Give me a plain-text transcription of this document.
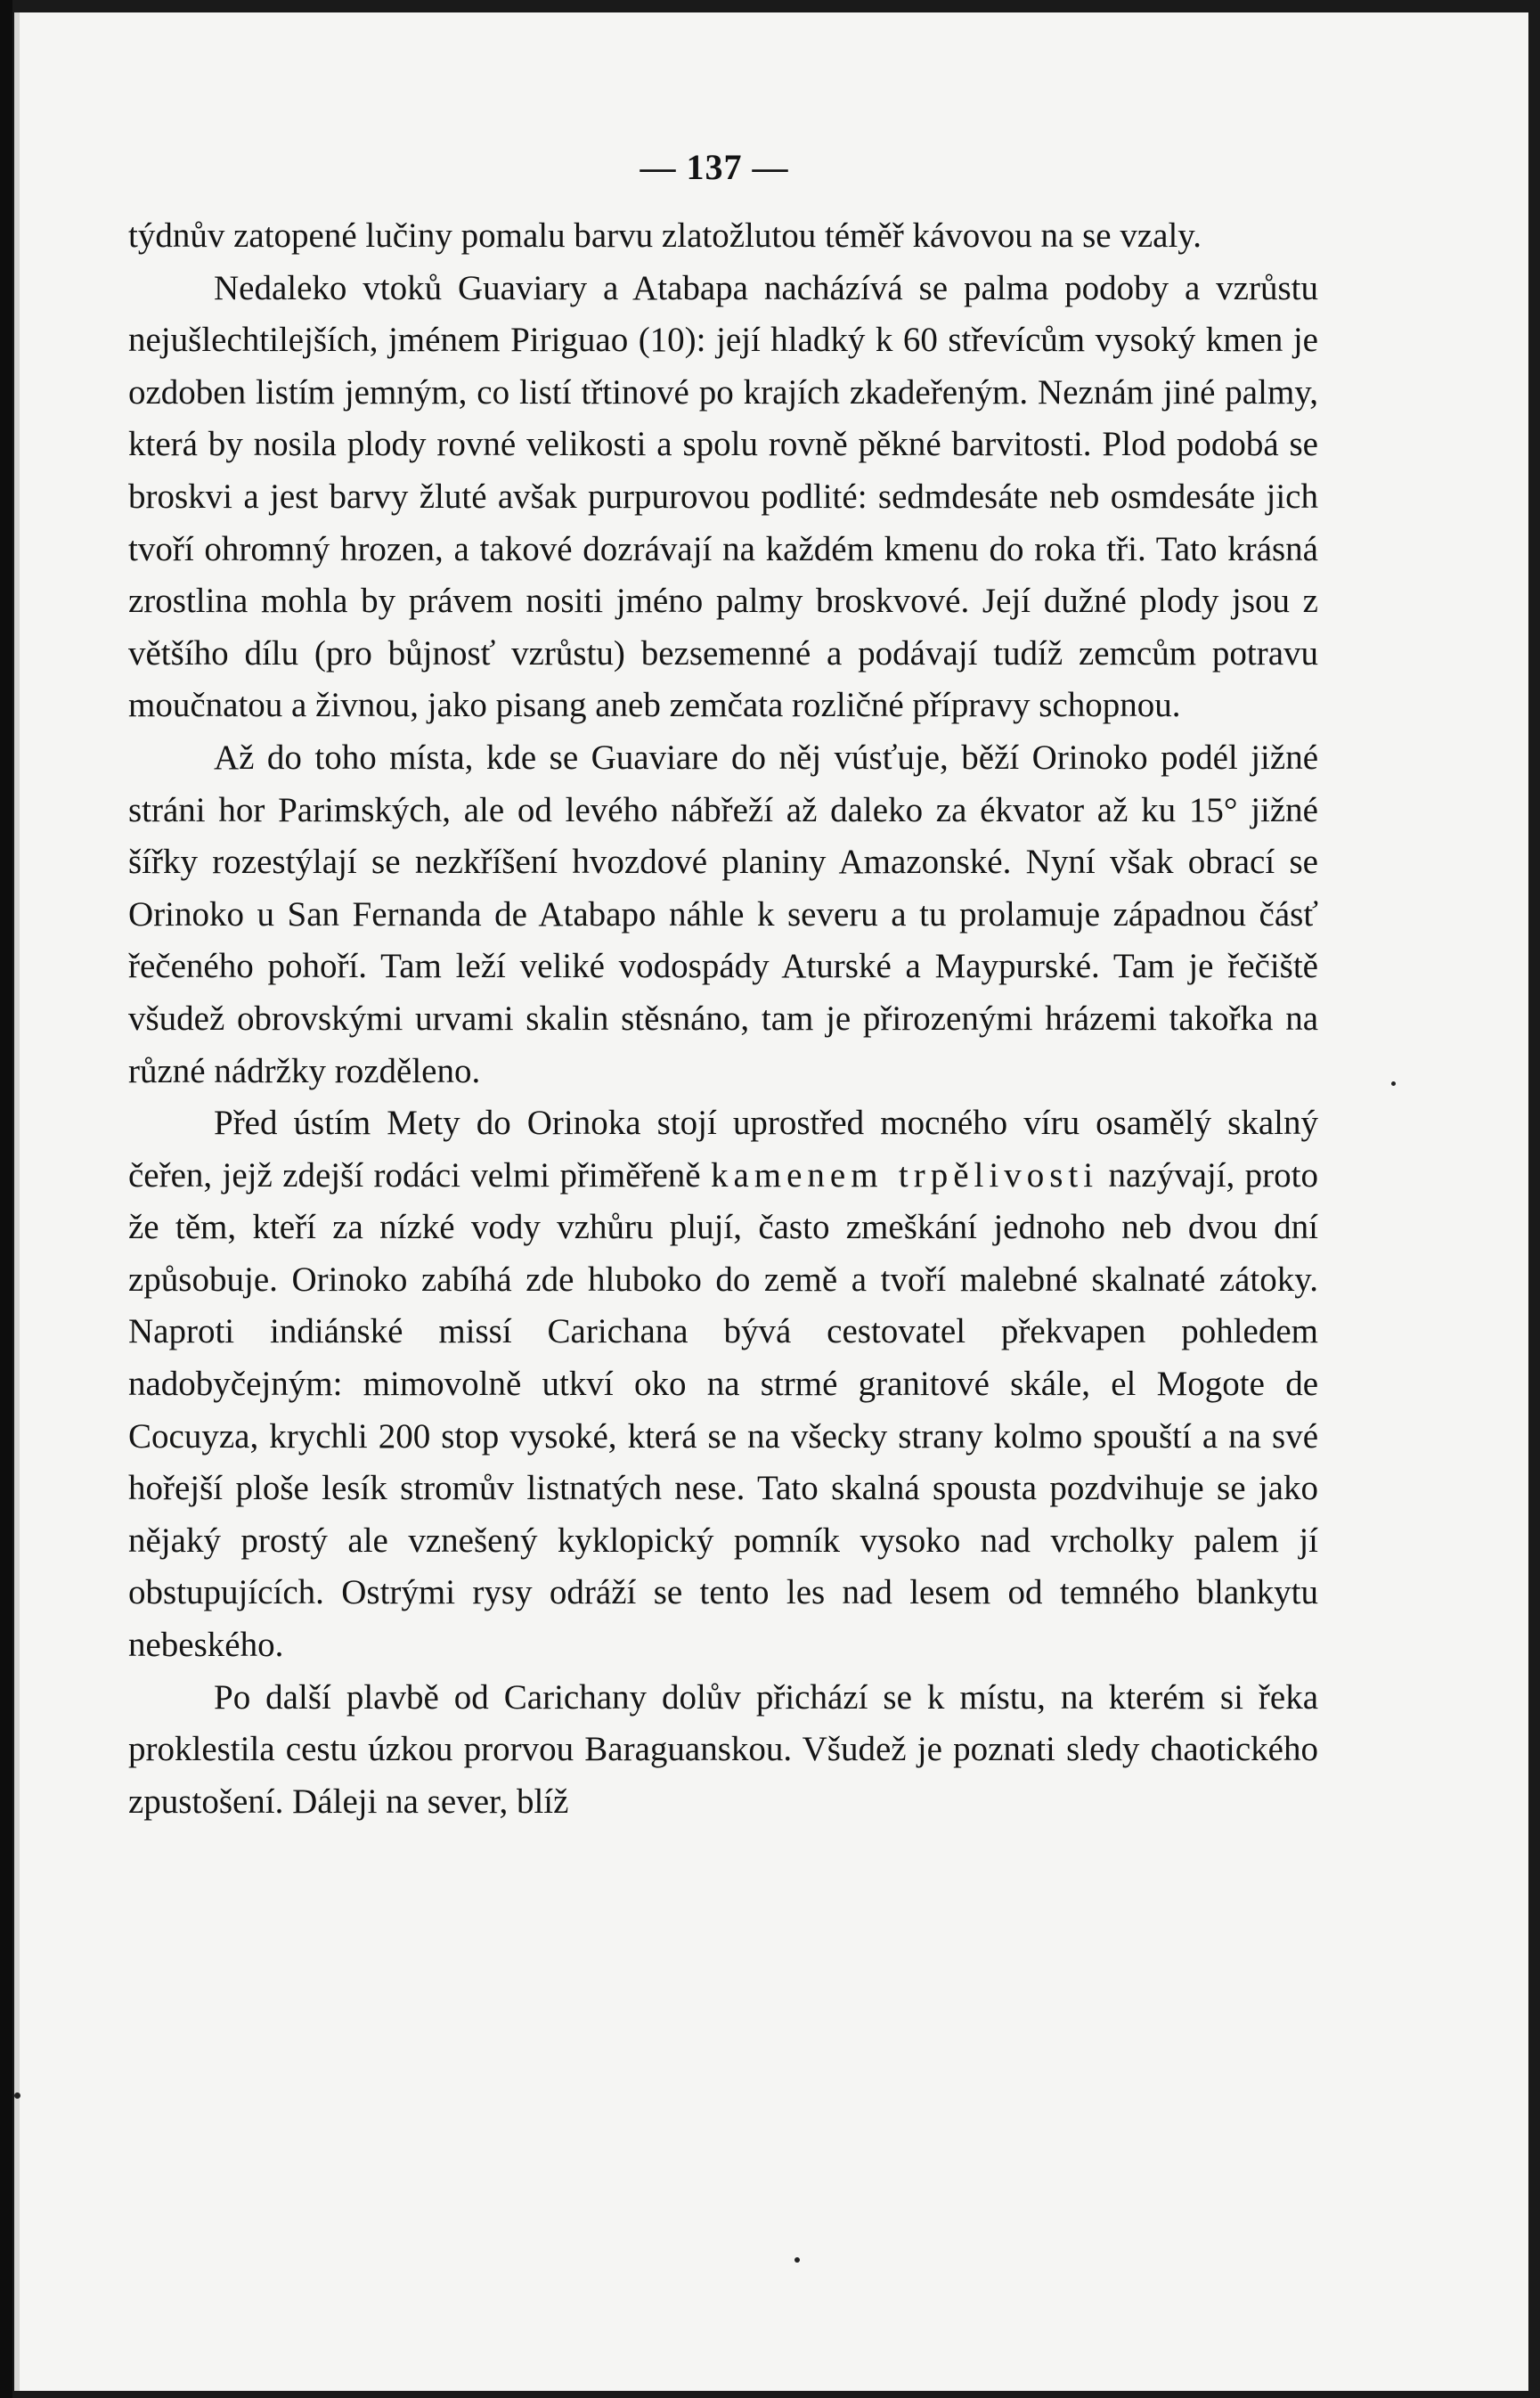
— 137 —

týdnův zatopené lučiny pomalu barvu zlatožlutou téměř kávovou na se vzaly.

Nedaleko vtoků Guaviary a Atabapa nacházívá se palma podoby a vzrůstu nejušlechtilejších, jménem Piriguao (10): její hladký k 60 střevícům vysoký kmen je ozdoben listím jemným, co listí třtinové po krajích zkadeřeným. Neznám jiné palmy, která by nosila plody rovné velikosti a spolu rovně pěkné barvitosti. Plod podobá se broskvi a jest barvy žluté avšak purpurovou podlité: sedmdesáte neb osmdesáte jich tvoří ohromný hrozen, a takové dozrávají na každém kmenu do roka tři. Tato krásná zrostlina mohla by právem nositi jméno palmy broskvové. Její dužné plody jsou z většího dílu (pro bůjnosť vzrůstu) bezsemenné a podávají tudíž zemcům potravu moučnatou a živnou, jako pisang aneb zemčata rozličné přípravy schopnou.

Až do toho místa, kde se Guaviare do něj vúsťuje, běží Orinoko podél jižné stráni hor Parimských, ale od levého nábřeží až daleko za ékvator až ku 15° jižné šířky rozestýlají se nezkříšení hvozdové planiny Amazonské. Nyní však obrací se Orinoko u San Fernanda de Atabapo náhle k severu a tu prolamuje západnou čásť řečeného pohoří. Tam leží veliké vodospády Aturské a Maypurské. Tam je řečiště všudež obrovskými urvami skalin stěsnáno, tam je přirozenými hrázemi takořka na různé nádržky rozděleno.

Před ústím Mety do Orinoka stojí uprostřed mocného víru osamělý skalný čeřen, jejž zdejší rodáci velmi přiměřeně kamenem trpělivosti nazývají, proto že těm, kteří za nízké vody vzhůru plují, často zmeškání jednoho neb dvou dní způsobuje. Orinoko zabíhá zde hluboko do země a tvoří malebné skalnaté zátoky. Naproti indiánské missí Carichana bývá cestovatel překvapen pohledem nadobyčejným: mimovolně utkví oko na strmé granitové skále, el Mogote de Cocuyza, krychli 200 stop vysoké, která se na všecky strany kolmo spouští a na své hořejší ploše lesík stromův listnatých nese. Tato skalná spousta pozdvihuje se jako nějaký prostý ale vznešený kyklopický pomník vysoko nad vrcholky palem jí obstupujících. Ostrými rysy odráží se tento les nad lesem od temného blankytu nebeského.

Po další plavbě od Carichany dolův přichází se k místu, na kterém si řeka proklestila cestu úzkou prorvou Baraguanskou. Všudež je poznati sledy chaotického zpustošení. Dáleji na sever, blíž
